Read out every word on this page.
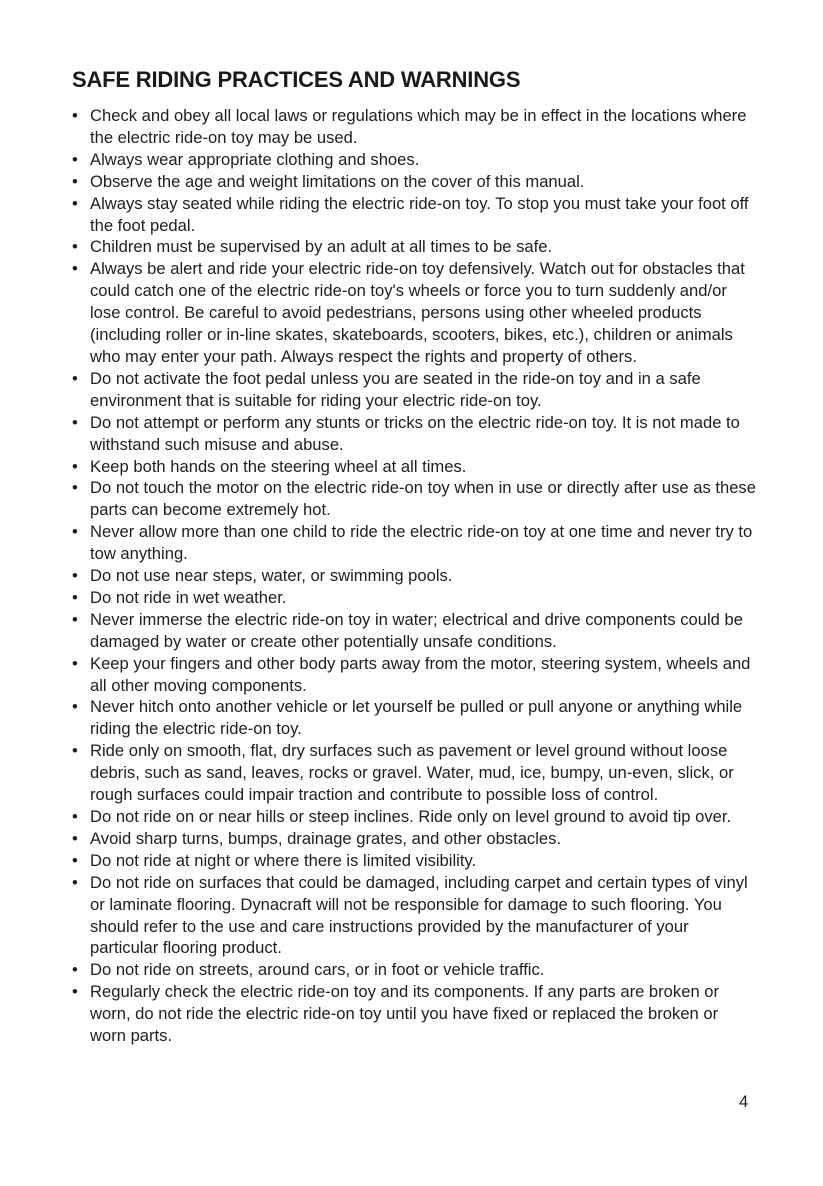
SAFE RIDING PRACTICES AND WARNINGS
• Check and obey all local laws or regulations which may be in effect in the locations where the electric ride-on toy may be used.
• Always wear appropriate clothing and shoes.
• Observe the age and weight limitations on the cover of this manual.
• Always stay seated while riding the electric ride-on toy. To stop you must take your foot off the foot pedal.
• Children must be supervised by an adult at all times to be safe.
• Always be alert and ride your electric ride-on toy defensively. Watch out for obstacles that could catch one of the electric ride-on toy's wheels or force you to turn suddenly and/or lose control. Be careful to avoid pedestrians, persons using other wheeled products (including roller or in-line skates, skateboards, scooters, bikes, etc.), children or animals who may enter your path. Always respect the rights and property of others.
• Do not activate the foot pedal unless you are seated in the ride-on toy and in a safe environment that is suitable for riding your electric ride-on toy.
• Do not attempt or perform any stunts or tricks on the electric ride-on toy. It is not made to withstand such misuse and abuse.
• Keep both hands on the steering wheel at all times.
• Do not touch the motor on the electric ride-on toy when in use or directly after use as these parts can become extremely hot.
• Never allow more than one child to ride the electric ride-on toy at one time and never try to tow anything.
• Do not use near steps, water, or swimming pools.
• Do not ride in wet weather.
• Never immerse the electric ride-on toy in water; electrical and drive components could be damaged by water or create other potentially unsafe conditions.
• Keep your fingers and other body parts away from the motor, steering system, wheels and all other moving components.
• Never hitch onto another vehicle or let yourself be pulled or pull anyone or anything while riding the electric ride-on toy.
• Ride only on smooth, flat, dry surfaces such as pavement or level ground without loose debris, such as sand, leaves, rocks or gravel. Water, mud, ice, bumpy, un-even, slick, or rough surfaces could impair traction and contribute to possible loss of control.
• Do not ride on or near hills or steep inclines. Ride only on level ground to avoid tip over.
• Avoid sharp turns, bumps, drainage grates, and other obstacles.
• Do not ride at night or where there is limited visibility.
• Do not ride on surfaces that could be damaged, including carpet and certain types of vinyl or laminate flooring. Dynacraft will not be responsible for damage to such flooring. You should refer to the use and care instructions provided by the manufacturer of your particular flooring product.
• Do not ride on streets, around cars, or in foot or vehicle traffic.
• Regularly check the electric ride-on toy and its components. If any parts are broken or worn, do not ride the electric ride-on toy until you have fixed or replaced the broken or worn parts.
4
